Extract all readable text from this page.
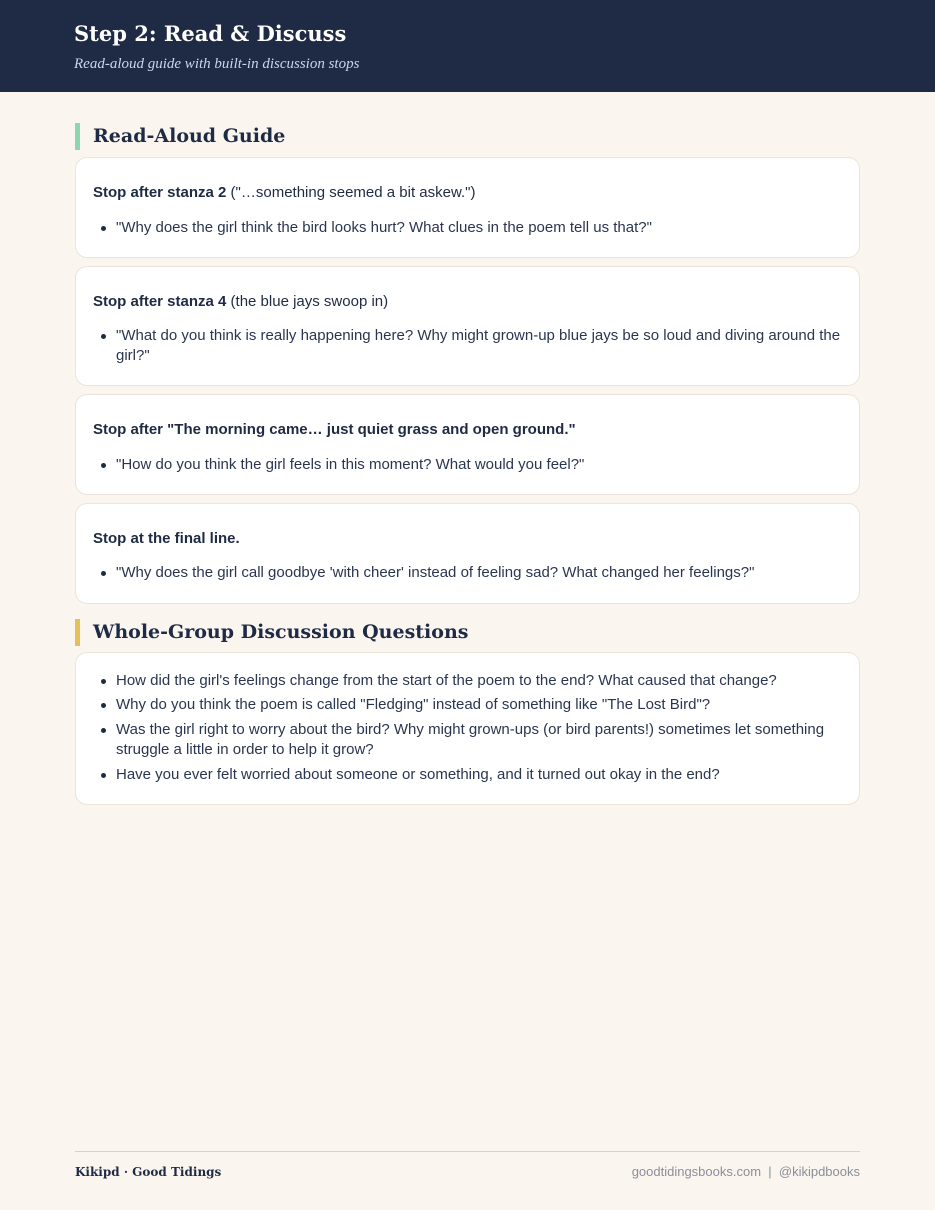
Step 2: Read & Discuss
Read-aloud guide with built-in discussion stops
Read-Aloud Guide
Stop after stanza 2 ("…something seemed a bit askew.")
"Why does the girl think the bird looks hurt? What clues in the poem tell us that?"
Stop after stanza 4 (the blue jays swoop in)
"What do you think is really happening here? Why might grown-up blue jays be so loud and diving around the girl?"
Stop after "The morning came… just quiet grass and open ground."
"How do you think the girl feels in this moment? What would you feel?"
Stop at the final line.
"Why does the girl call goodbye 'with cheer' instead of feeling sad? What changed her feelings?"
Whole-Group Discussion Questions
How did the girl's feelings change from the start of the poem to the end? What caused that change?
Why do you think the poem is called "Fledging" instead of something like "The Lost Bird"?
Was the girl right to worry about the bird? Why might grown-ups (or bird parents!) sometimes let something struggle a little in order to help it grow?
Have you ever felt worried about someone or something, and it turned out okay in the end?
Kikipd · Good Tidings	goodtidingsbooks.com  |  @kikipdbooks
